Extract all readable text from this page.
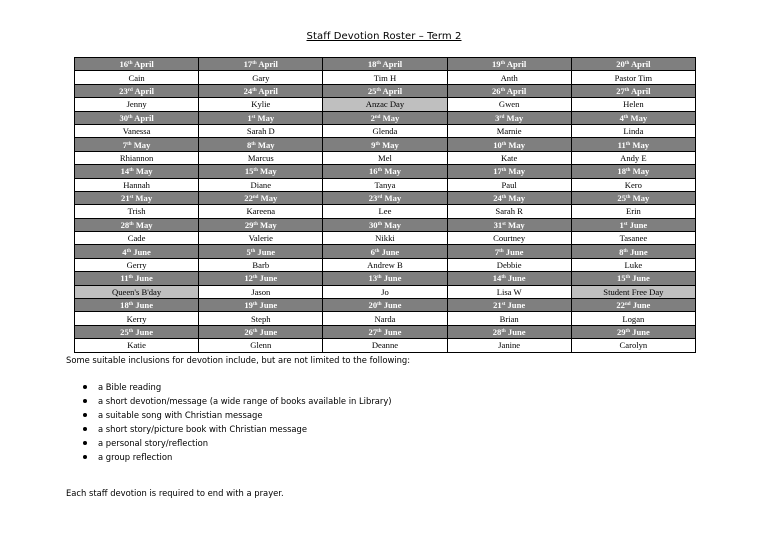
Staff Devotion Roster – Term 2
16th April	17th April	18th April	19th April	20th April
Cain	Gary	Tim H	Anth	Pastor Tim
23rd April	24th April	25th April	26th April	27th April
Jenny	Kylie	Anzac Day	Gwen	Helen
30th April	1st May	2nd May	3rd May	4th May
Vanessa	Sarah D	Glenda	Marnie	Linda
7th May	8th May	9th May	10th May	11th May
Rhiannon	Marcus	Mel	Kate	Andy E
14th May	15th May	16th May	17th May	18th May
Hannah	Diane	Tanya	Paul	Kero
21st May	22nd May	23rd May	24th May	25th May
Trish	Kareena	Lee	Sarah R	Erin
28th May	29th May	30th May	31st May	1st June
Cade	Valerie	Nikki	Courtney	Tasanee
4th June	5th June	6th June	7th June	8th June
Gerry	Barb	Andrew B	Debbie	Luke
11th June	12th June	13th June	14th June	15th June
Queen's B'day	Jason	Jo	Lisa W	Student Free Day
18th June	19th June	20th June	21st June	22nd June
Kerry	Steph	Narda	Brian	Logan
25th June	26th June	27th June	28th June	29th June
Katie	Glenn	Deanne	Janine	Carolyn

Some suitable inclusions for devotion include, but are not limited to the following:

a Bible reading
a short devotion/message (a wide range of books available in Library)
a suitable song with Christian message
a short story/picture book with Christian message
a personal story/reflection
a group reflection

Each staff devotion is required to end with a prayer.
